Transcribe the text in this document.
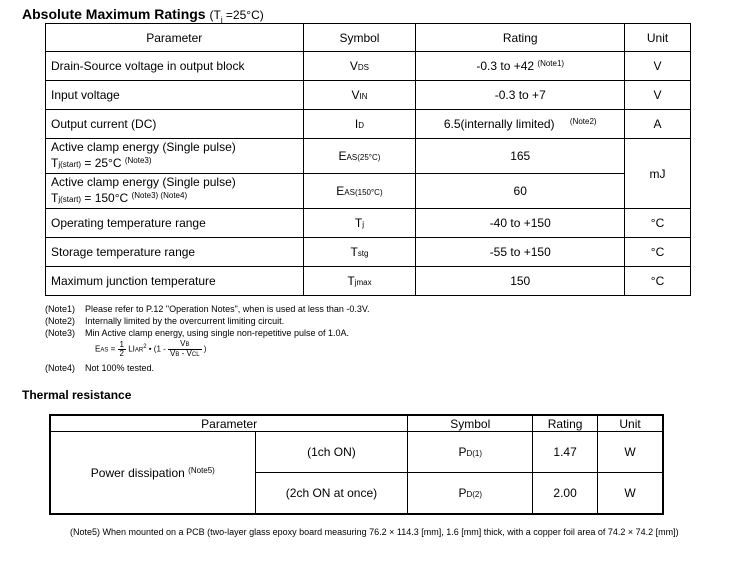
Absolute Maximum Ratings $(T_j =25^\circ C)$
Parameter	Symbol	Rating	Unit
Drain-Source voltage in output block	VDS	-0.3 to +42 $^{(Note1)}$	V
Input voltage	VIN	-0.3 to +7	V
Output current (DC)	ID	6.5(internally limited) $^{(Note2)}$	A
Active clamp energy (Single pulse)
Tj(start) = 25°C $^{(Note3)}$	EAS(25°C)	165	mJ
Active clamp energy (Single pulse)
Tj(start) = 150°C $^{(Note3) (Note4)}$	EAS(150°C)	60	
Operating temperature range	Tj	-40 to +150	°C
Storage temperature range	Tstg	-55 to +150	°C
Maximum junction temperature	Tjmax	150	°C
(Note1) Please refer to P.12 "Operation Notes", when is used at less than -0.3V.
(Note2) Internally limited by the overcurrent limiting circuit.
(Note3) Min Active clamp energy, using single non-repetitive pulse of 1.0A.
EAS = $\frac{1}{2}$ LIAR$^2$ • ($1 - \frac{VB}{\text{VB - VCL}}$ )
(Note4) Not 100% tested.
Thermal resistance
Parameter		Symbol	Rating	Unit
Power dissipation $^{(Note5)}$	(1ch ON)	PD(1)	1.47	W
	(2ch ON at once)	PD(2)	2.00	W
(Note5) When mounted on a PCB (two-layer glass epoxy board measuring 76.2 × 114.3 [mm], 1.6 [mm] thick, with a copper foil area of 74.2 × 74.2 [mm])
